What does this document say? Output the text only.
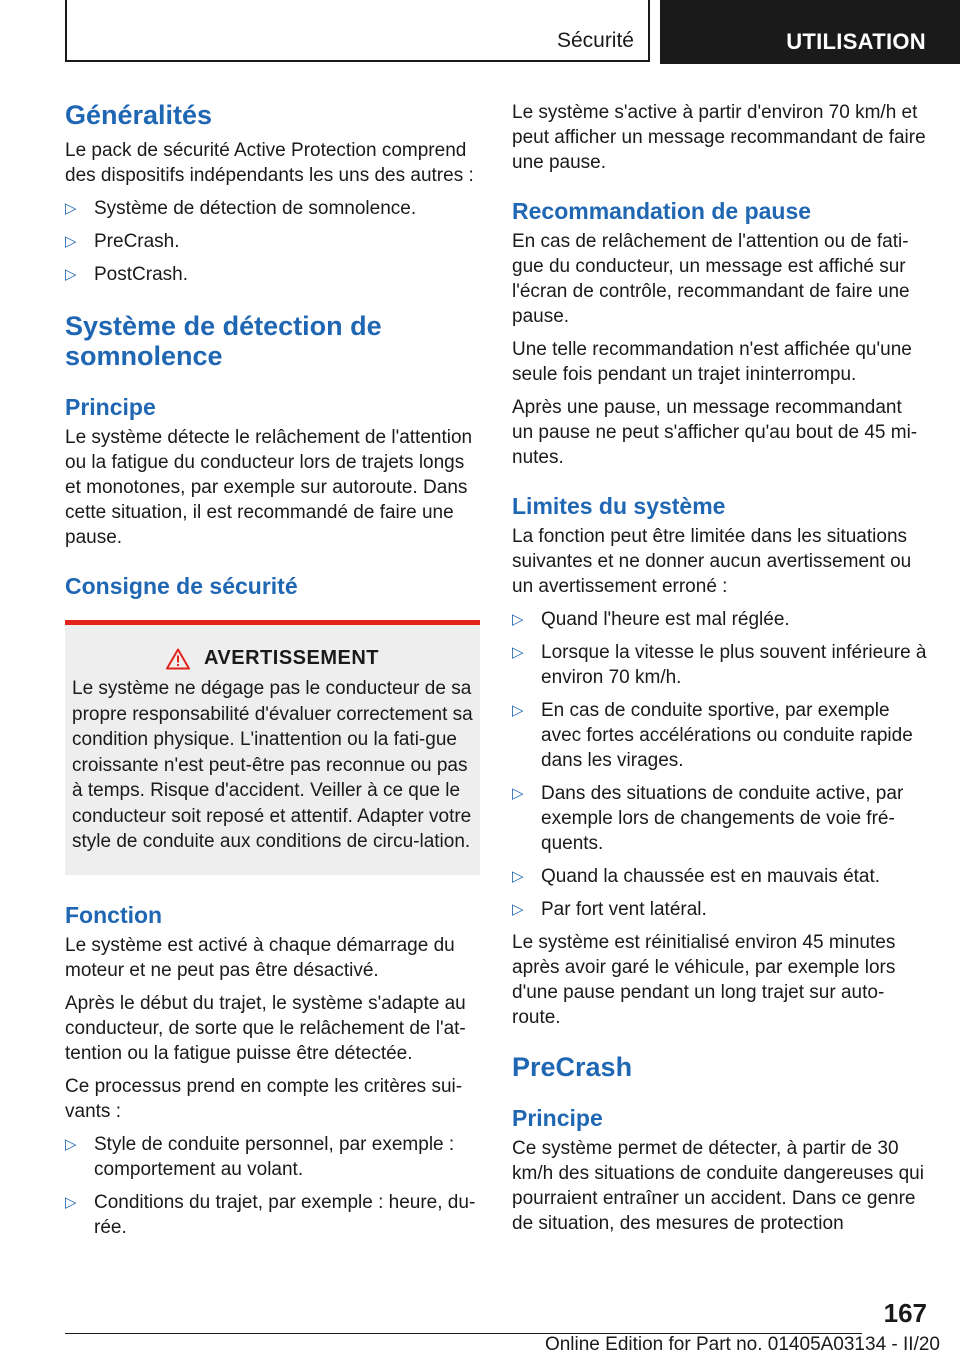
Sécurité	UTILISATION
Généralités

Le pack de sécurité Active Protection comprend des dispositifs indépendants les uns des autres :

▷ Système de détection de somnolence.
▷ PreCrash.
▷ PostCrash.
Système de détection de somnolence
Principe

Le système détecte le relâchement de l'attention ou la fatigue du conducteur lors de trajets longs et monotones, par exemple sur autoroute. Dans cette situation, il est recommandé de faire une pause.

Consigne de sécurité
AVERTISSEMENT

Le système ne dégage pas le conducteur de sa propre responsabilité d'évaluer correctement sa condition physique. L'inattention ou la fati-gue croissante n'est peut-être pas reconnue ou pas à temps. Risque d'accident. Veiller à ce que le conducteur soit reposé et attentif. Adapter votre style de conduite aux conditions de circu-lation.

Fonction

Le système est activé à chaque démarrage du moteur et ne peut pas être désactivé.

Après le début du trajet, le système s'adapte au conducteur, de sorte que le relâchement de l'at-tention ou la fatigue puisse être détectée.

Ce processus prend en compte les critères sui-vants :

▷ Style de conduite personnel, par exemple : comportement au volant.
▷ Conditions du trajet, par exemple : heure, du-rée.

Le système s'active à partir d'environ 70 km/h et peut afficher un message recommandant de faire une pause.

Recommandation de pause

En cas de relâchement de l'attention ou de fati-gue du conducteur, un message est affiché sur l'écran de contrôle, recommandant de faire une pause.

Une telle recommandation n'est affichée qu'une seule fois pendant un trajet ininterrompu.

Après une pause, un message recommandant un pause ne peut s'afficher qu'au bout de 45 mi-nutes.

Limites du système

La fonction peut être limitée dans les situations suivantes et ne donner aucun avertissement ou un avertissement erroné :

▷ Quand l'heure est mal réglée.
▷ Lorsque la vitesse le plus souvent inférieure à environ 70 km/h.
▷ En cas de conduite sportive, par exemple avec fortes accélérations ou conduite rapide dans les virages.
▷ Dans des situations de conduite active, par exemple lors de changements de voie fré-quents.
▷ Quand la chaussée est en mauvais état.
▷ Par fort vent latéral.

Le système est réinitialisé environ 45 minutes après avoir garé le véhicule, par exemple lors d'une pause pendant un long trajet sur auto-route.

PreCrash
Principe

Ce système permet de détecter, à partir de 30 km/h des situations de conduite dangereuses qui pourraient entraîner un accident. Dans ce genre de situation, des mesures de protection

167
Online Edition for Part no. 01405A03134 - II/20
